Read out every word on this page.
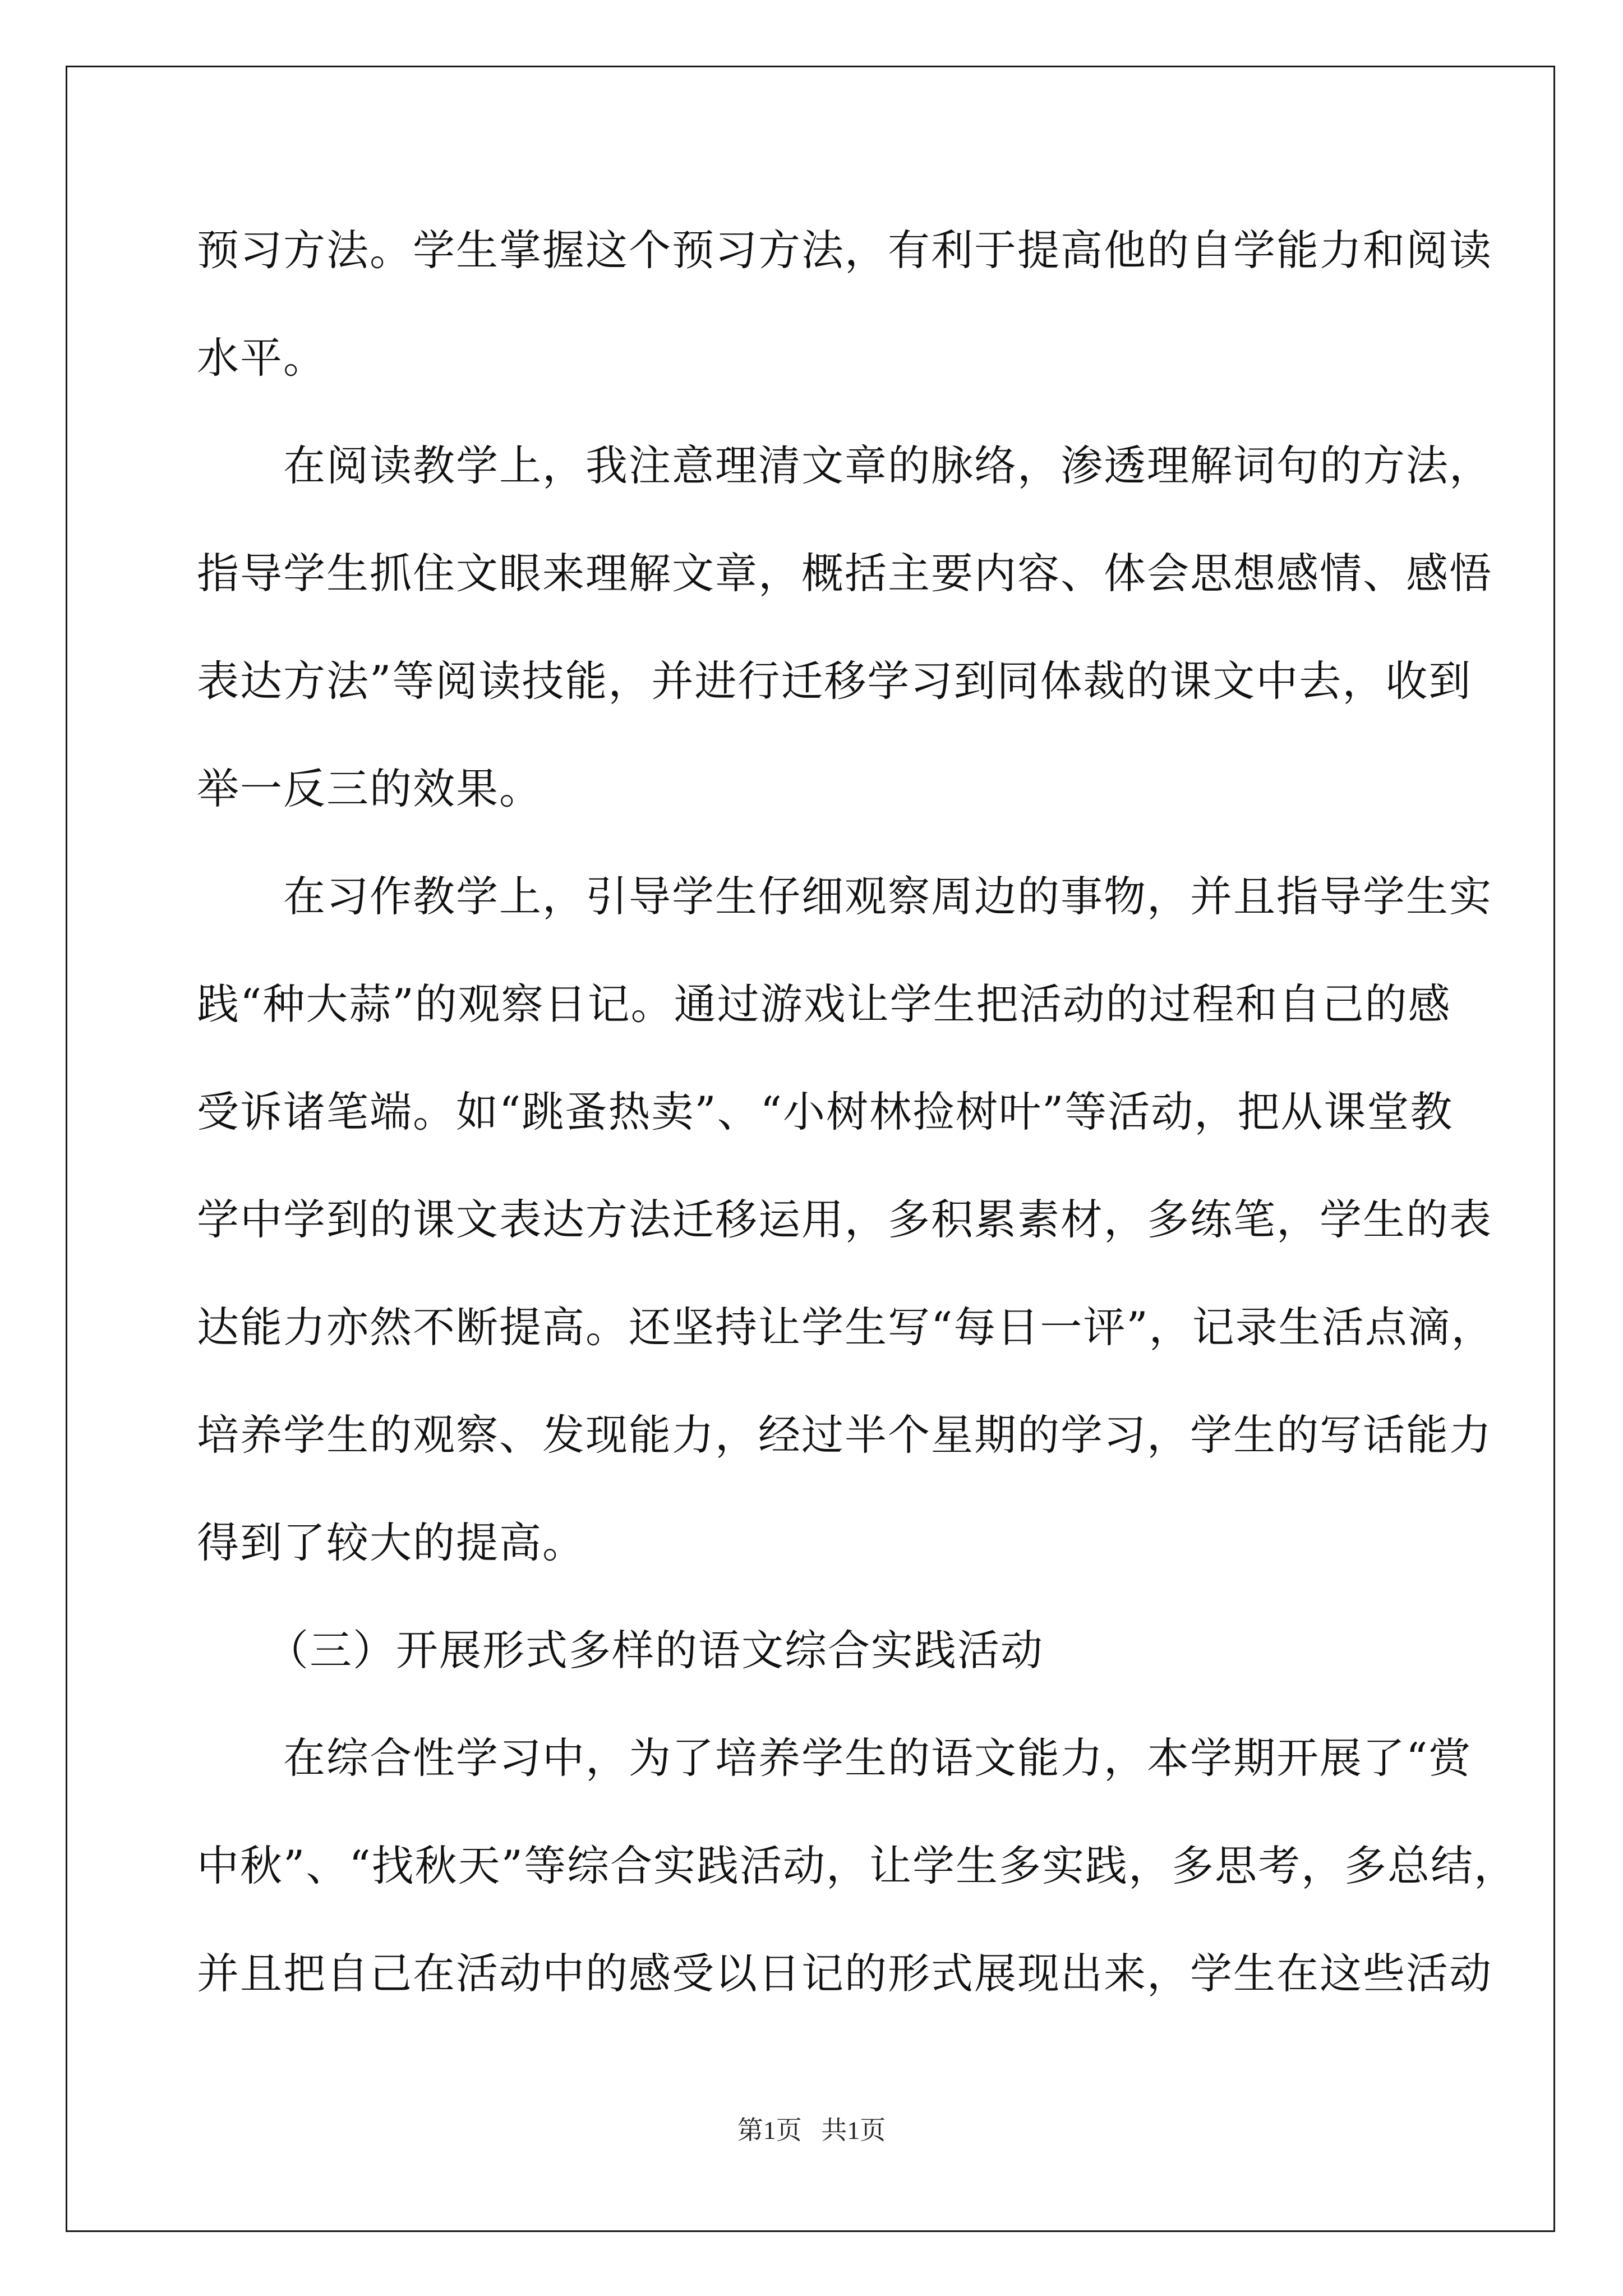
预习方法。学生掌握这个预习方法，有利于提高他的自学能力和阅读

水平。

在阅读教学上，我注意理清文章的脉络，渗透理解词句的方法，

指导学生抓住文眼来理解文章，概括主要内容、体会思想感情、感悟

表达方法”等阅读技能，并进行迁移学习到同体裁的课文中去，收到

举一反三的效果。

在习作教学上，引导学生仔细观察周边的事物，并且指导学生实

践“种大蒜”的观察日记。通过游戏让学生把活动的过程和自己的感

受诉诸笔端。如“跳蚤热卖”、“小树林捡树叶”等活动，把从课堂教

学中学到的课文表达方法迁移运用，多积累素材，多练笔，学生的表

达能力亦然不断提高。还坚持让学生写“每日一评”，记录生活点滴，

培养学生的观察、发现能力，经过半个星期的学习，学生的写话能力

得到了较大的提高。

（三）开展形式多样的语文综合实践活动

在综合性学习中，为了培养学生的语文能力，本学期开展了“赏

中秋”、“找秋天”等综合实践活动，让学生多实践，多思考，多总结，

并且把自己在活动中的感受以日记的形式展现出来，学生在这些活动

第1页   共1页
